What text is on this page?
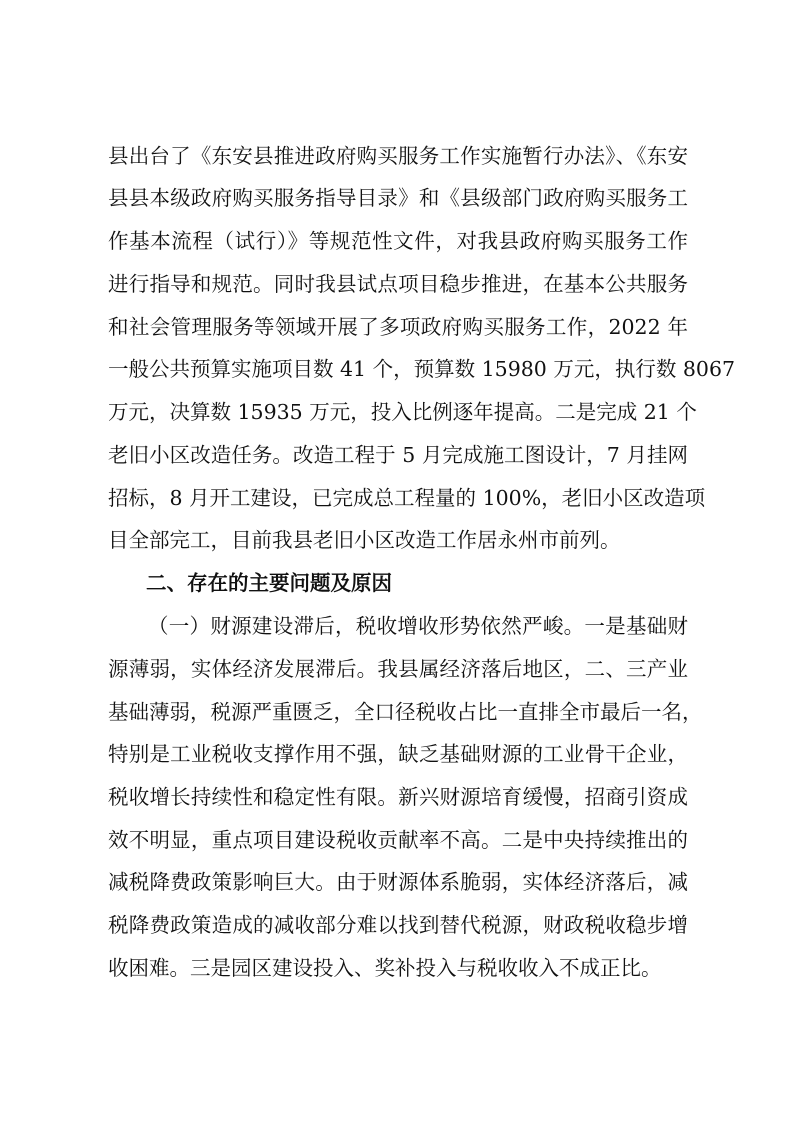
县出台了《东安县推进政府购买服务工作实施暂行办法》、《东安
县县本级政府购买服务指导目录》和《县级部门政府购买服务工
作基本流程（试行）》等规范性文件，对我县政府购买服务工作
进行指导和规范。同时我县试点项目稳步推进，在基本公共服务
和社会管理服务等领域开展了多项政府购买服务工作，2022 年
一般公共预算实施项目数 41 个，预算数 15980 万元，执行数 8067
万元，决算数 15935 万元，投入比例逐年提高。二是完成 21 个
老旧小区改造任务。改造工程于 5 月完成施工图设计，7 月挂网
招标，8 月开工建设，已完成总工程量的 100%，老旧小区改造项
目全部完工，目前我县老旧小区改造工作居永州市前列。
二、存在的主要问题及原因
（一）财源建设滞后，税收增收形势依然严峻。一是基础财
源薄弱，实体经济发展滞后。我县属经济落后地区，二、三产业
基础薄弱，税源严重匮乏，全口径税收占比一直排全市最后一名，
特别是工业税收支撑作用不强，缺乏基础财源的工业骨干企业，
税收增长持续性和稳定性有限。新兴财源培育缓慢，招商引资成
效不明显，重点项目建设税收贡献率不高。二是中央持续推出的
减税降费政策影响巨大。由于财源体系脆弱，实体经济落后，减
税降费政策造成的减收部分难以找到替代税源，财政税收稳步增
收困难。三是园区建设投入、奖补投入与税收收入不成正比。
